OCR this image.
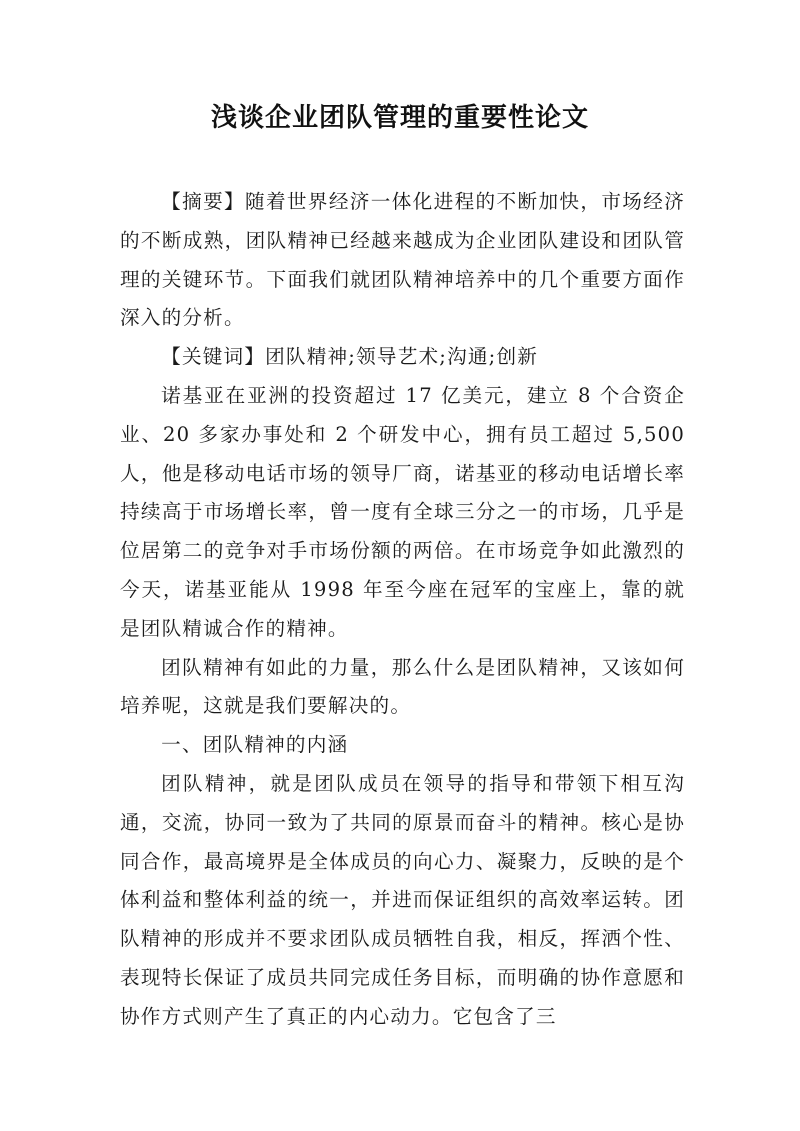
浅谈企业团队管理的重要性论文

【摘要】随着世界经济一体化进程的不断加快，市场经济的不断成熟，团队精神已经越来越成为企业团队建设和团队管理的关键环节。下面我们就团队精神培养中的几个重要方面作深入的分析。

【关键词】团队精神;领导艺术;沟通;创新

诺基亚在亚洲的投资超过 17 亿美元，建立 8 个合资企业、20 多家办事处和 2 个研发中心，拥有员工超过 5,500 人，他是移动电话市场的领导厂商，诺基亚的移动电话增长率持续高于市场增长率，曾一度有全球三分之一的市场，几乎是位居第二的竞争对手市场份额的两倍。在市场竞争如此激烈的今天，诺基亚能从 1998 年至今座在冠军的宝座上，靠的就是团队精诚合作的精神。

团队精神有如此的力量，那么什么是团队精神，又该如何培养呢，这就是我们要解决的。

一、团队精神的内涵

团队精神，就是团队成员在领导的指导和带领下相互沟通，交流，协同一致为了共同的原景而奋斗的精神。核心是协同合作，最高境界是全体成员的向心力、凝聚力，反映的是个体利益和整体利益的统一，并进而保证组织的高效率运转。团队精神的形成并不要求团队成员牺牲自我，相反，挥洒个性、表现特长保证了成员共同完成任务目标，而明确的协作意愿和协作方式则产生了真正的内心动力。它包含了三
